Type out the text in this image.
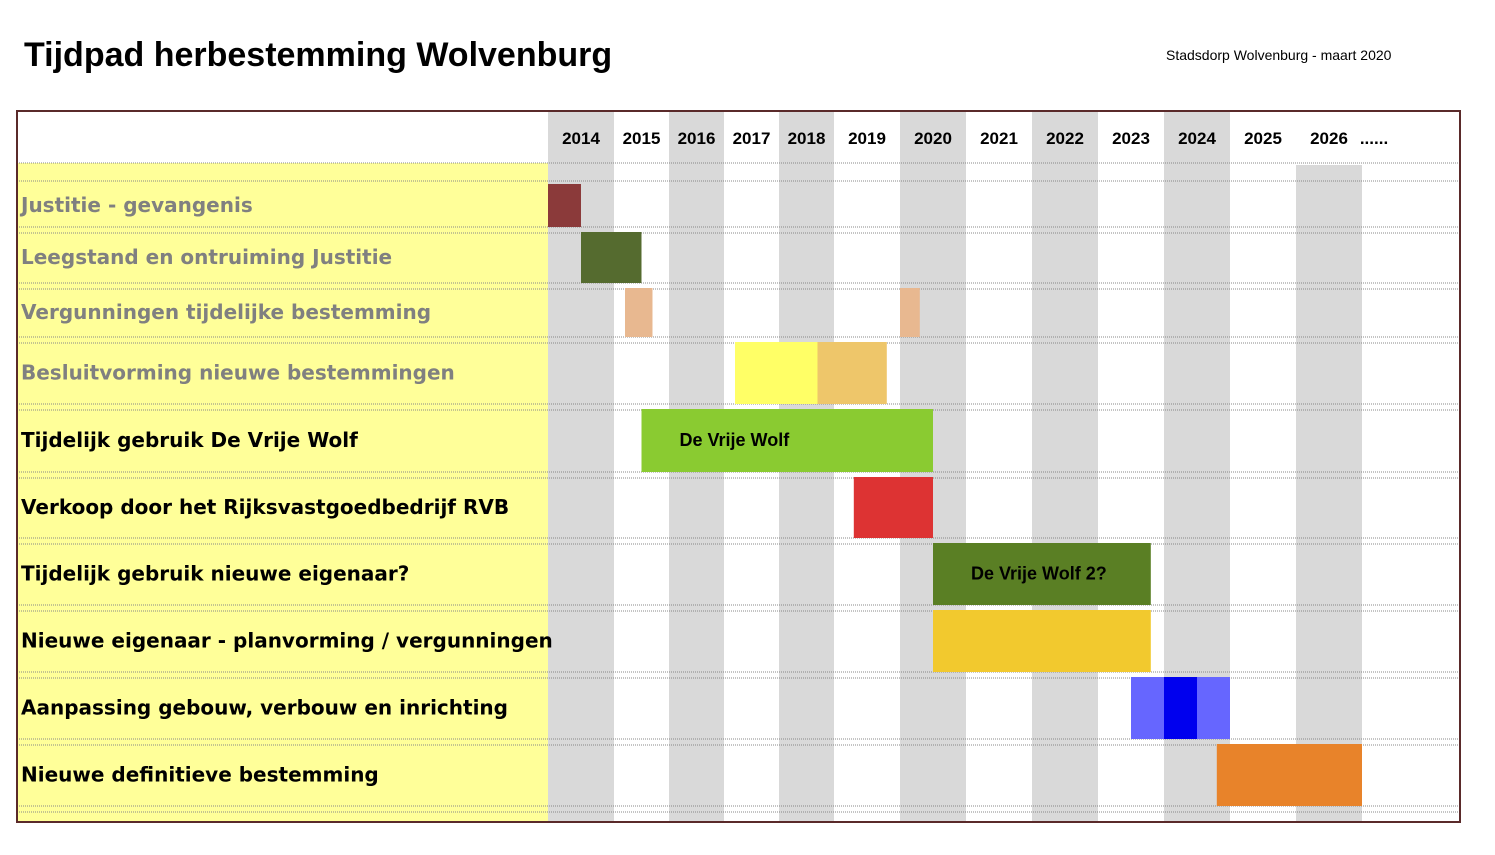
Tijdpad herbestemming Wolvenburg	Stadsdorp Wolvenburg - maart 2020
2014 2015 2016 2017 2018 2019 2020 2021 2022 2023 2024 2025 2026 ......
Justitie - gevangenis
Leegstand en ontruiming Justitie
Vergunningen tijdelijke bestemming
Besluitvorming nieuwe bestemmingen
Tijdelijk gebruik De Vrije Wolf	De Vrije Wolf
Verkoop door het Rijksvastgoedbedrijf RVB
Tijdelijk gebruik nieuwe eigenaar?	De Vrije Wolf 2?
Nieuwe eigenaar - planvorming / vergunningen
Aanpassing gebouw, verbouw en inrichting
Nieuwe definitieve bestemming
